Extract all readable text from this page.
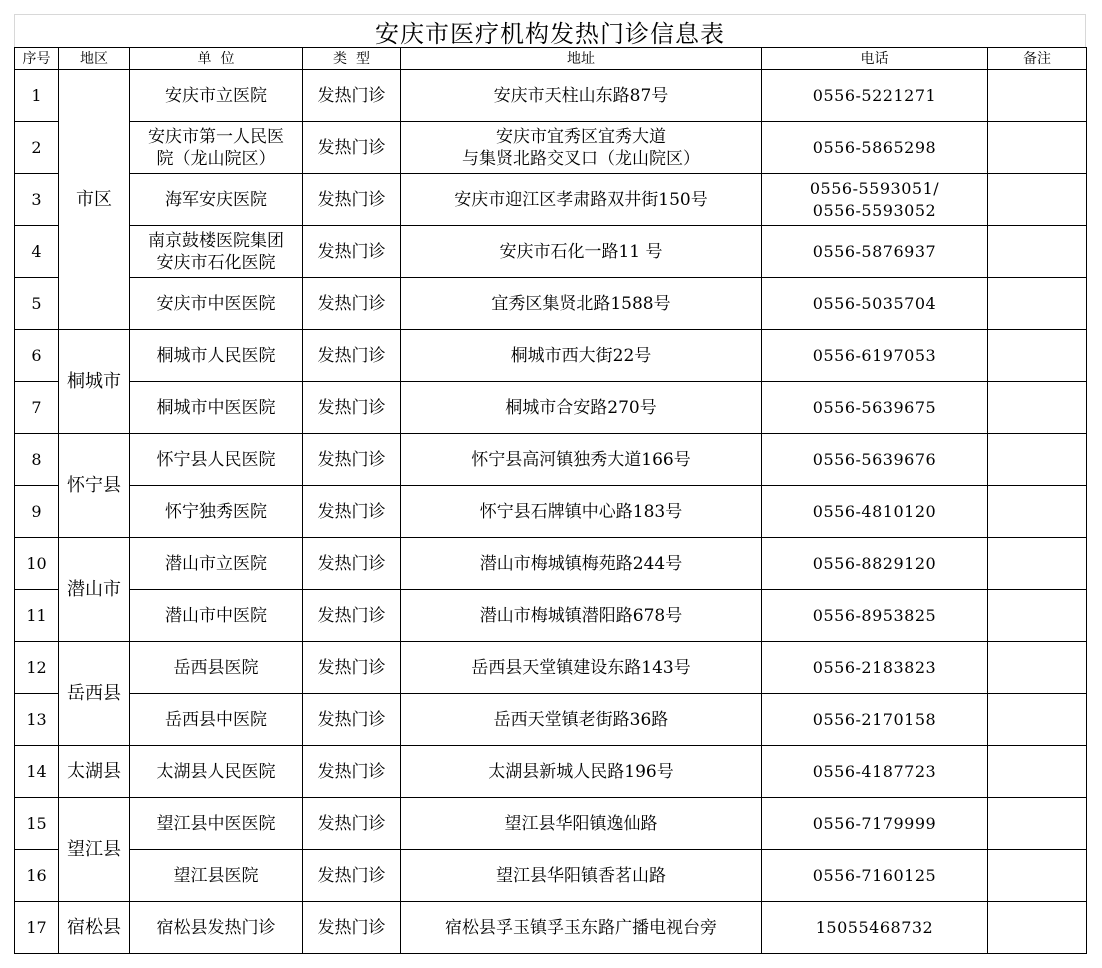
安庆市医疗机构发热门诊信息表
序号	地区	单  位	类  型	地址	电话	备注
1	市区	安庆市立医院	发热门诊	安庆市天柱山东路87号	0556-5221271	

2		安庆市第一人民医
院（龙山院区）	发热门诊	安庆市宜秀区宜秀大道
与集贤北路交叉口（龙山院区）	0556-5865298	

3		海军安庆医院	发热门诊	安庆市迎江区孝肃路双井街150号	0556-5593051/
0556-5593052	

4		南京鼓楼医院集团
安庆市石化医院	发热门诊	安庆市石化一路11 号	0556-5876937	

5		安庆市中医医院	发热门诊	宜秀区集贤北路1588号	0556-5035704	

6	桐城市	桐城市人民医院	发热门诊	桐城市西大街22号	0556-6197053	

7		桐城市中医医院	发热门诊	桐城市合安路270号	0556-5639675	

8	怀宁县	怀宁县人民医院	发热门诊	怀宁县高河镇独秀大道166号	0556-5639676	

9		怀宁独秀医院	发热门诊	怀宁县石牌镇中心路183号	0556-4810120	

10	潜山市	潜山市立医院	发热门诊	潜山市梅城镇梅苑路244号	0556-8829120	

11		潜山市中医院	发热门诊	潜山市梅城镇潜阳路678号	0556-8953825	

12	岳西县	岳西县医院	发热门诊	岳西县天堂镇建设东路143号	0556-2183823	

13		岳西县中医院	发热门诊	岳西天堂镇老街路36路	0556-2170158	

14	太湖县	太湖县人民医院	发热门诊	太湖县新城人民路196号	0556-4187723	

15	望江县	望江县中医医院	发热门诊	望江县华阳镇逸仙路	0556-7179999	

16		望江县医院	发热门诊	望江县华阳镇香茗山路	0556-7160125	

17	宿松县	宿松县发热门诊	发热门诊	宿松县孚玉镇孚玉东路广播电视台旁	15055468732	
